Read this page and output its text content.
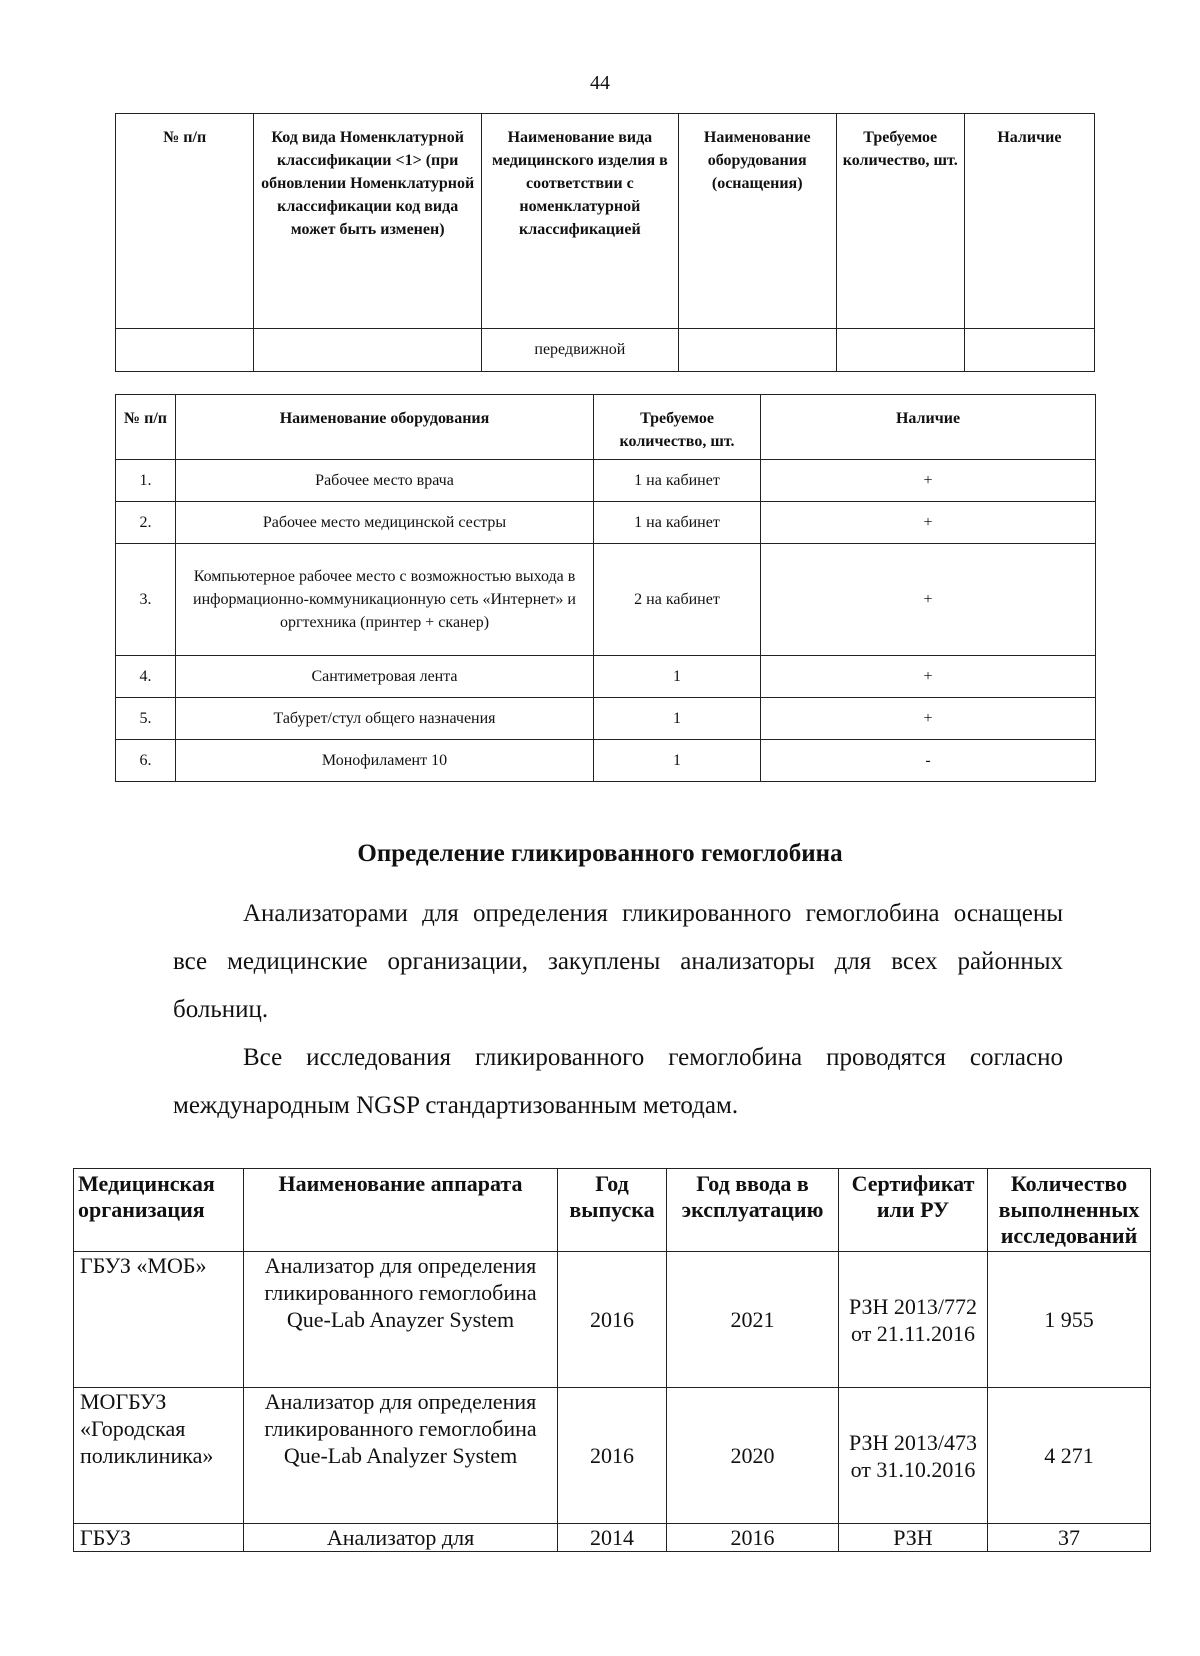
44
№ п/п	Код вида Номенклатурной классификации <1> (при обновлении Номенклатурной классификации код вида может быть изменен)	Наименование вида медицинского изделия в соответствии с номенклатурной классификацией	Наименование оборудования (оснащения)	Требуемое количество, шт.	Наличие
		передвижной			
№ п/п	Наименование оборудования	Требуемое количество, шт.	Наличие
1.	Рабочее место врача	1 на кабинет	+
2.	Рабочее место медицинской сестры	1 на кабинет	+
3.	Компьютерное рабочее место с возможностью выхода в информационно-коммуникационную сеть «Интернет» и оргтехника (принтер + сканер)	2 на кабинет	+
4.	Сантиметровая лента	1	+
5.	Табурет/стул общего назначения	1	+
6.	Монофиламент 10	1	-
Определение гликированного гемоглобина
Анализаторами для определения гликированного гемоглобина оснащены все медицинские организации, закуплены анализаторы для всех районных больниц.
Все исследования гликированного гемоглобина проводятся согласно международным NGSP стандартизованным методам.
Медицинская организация	Наименование аппарата	Год выпуска	Год ввода в эксплуатацию	Сертификат или РУ	Количество выполненных исследований
ГБУЗ «МОБ»	Анализатор для определения гликированного гемоглобина Que-Lab Anayzer System	2016	2021	РЗН 2013/772 от 21.11.2016	1 955
МОГБУЗ «Городская поликлиника»	Анализатор для определения гликированного гемоглобина Que-Lab Analyzer System	2016	2020	РЗН 2013/473 от 31.10.2016	4 271
ГБУЗ	Анализатор для	2014	2016	РЗН	37
